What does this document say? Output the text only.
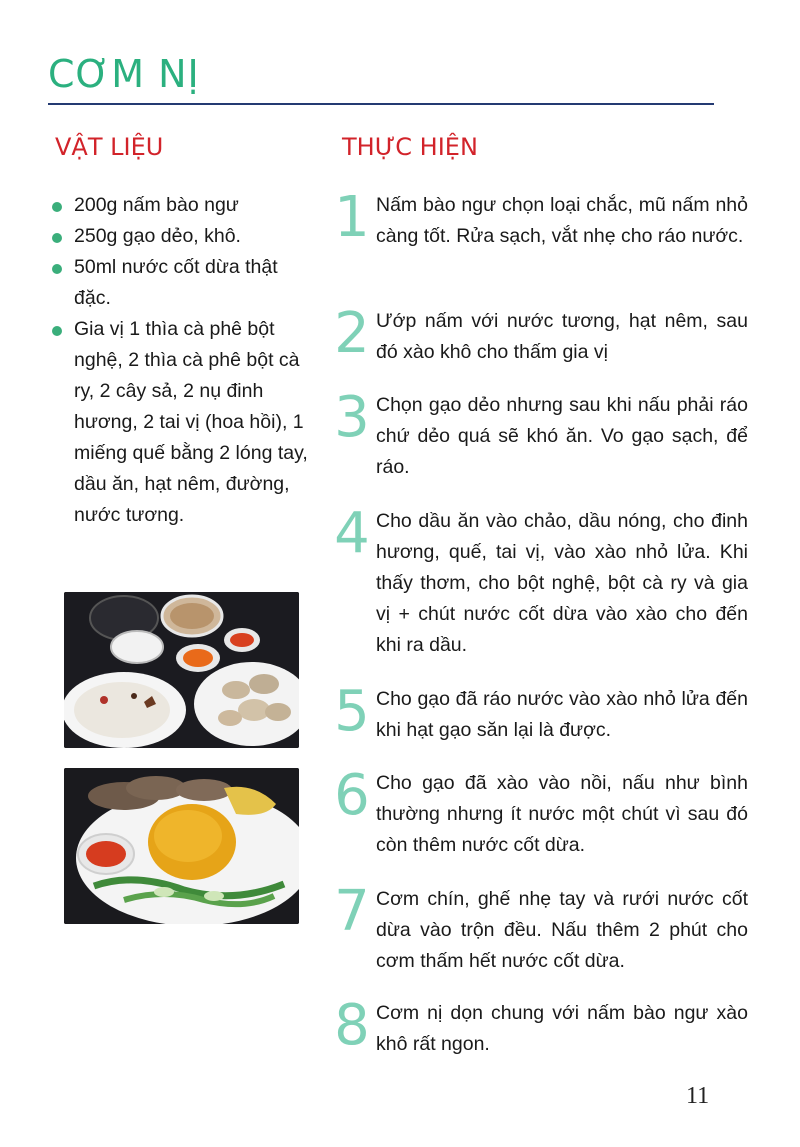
CƠM NỊ
VẬT LIỆU	THỰC HIỆN
200g nấm bào ngư
250g gạo dẻo, khô.
50ml nước cốt dừa thật đặc.
Gia vị 1 thìa cà phê bột nghệ, 2 thìa cà phê bột cà ry, 2 cây sả, 2 nụ đinh hương, 2 tai vị (hoa hồi), 1 miếng quế bằng 2 lóng tay, dầu ăn, hạt nêm, đường, nước tương.
1 Nấm bào ngư chọn loại chắc, mũ nấm nhỏ càng tốt. Rửa sạch, vắt nhẹ cho ráo nước.
2 Ướp nấm với nước tương, hạt nêm, sau đó xào khô cho thấm gia vị
3 Chọn gạo dẻo nhưng sau khi nấu phải ráo chứ dẻo quá sẽ khó ăn. Vo gạo sạch, để ráo.
4 Cho dầu ăn vào chảo, dầu nóng, cho đinh hương, quế, tai vị, vào xào nhỏ lửa. Khi thấy thơm, cho bột nghệ, bột cà ry và gia vị + chút nước cốt dừa vào xào cho đến khi ra dầu.
5 Cho gạo đã ráo nước vào xào nhỏ lửa đến khi hạt gạo săn lại là được.
6 Cho gạo đã xào vào nồi, nấu như bình thường nhưng ít nước một chút vì sau đó còn thêm nước cốt dừa.
7 Cơm chín, ghế nhẹ tay và rưới nước cốt dừa vào trộn đều. Nấu thêm 2 phút cho cơm thấm hết nước cốt dừa.
8 Cơm nị dọn chung với nấm bào ngư xào khô rất ngon.
11
